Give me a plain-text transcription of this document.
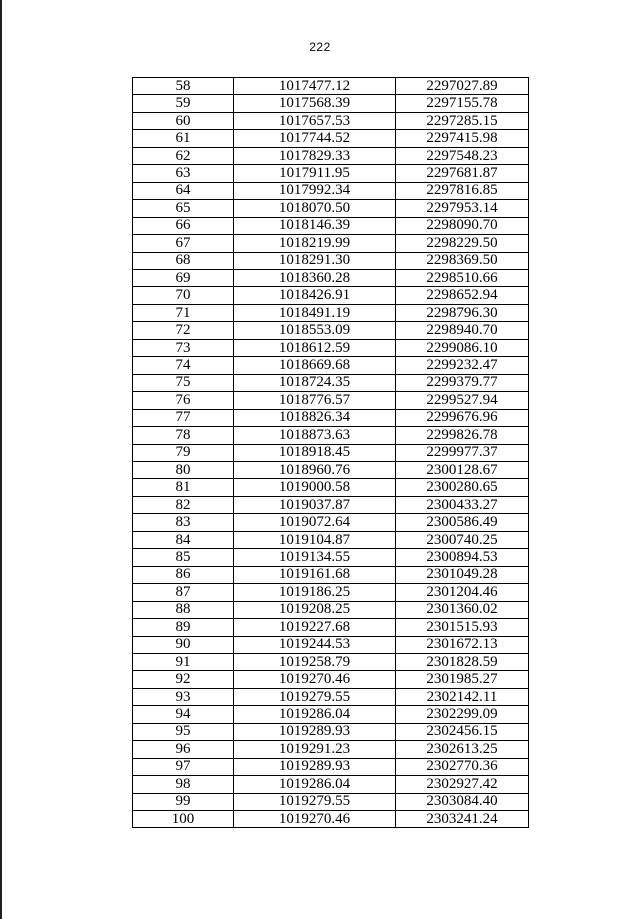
222
58	1017477.12	2297027.89
59	1017568.39	2297155.78
60	1017657.53	2297285.15
61	1017744.52	2297415.98
62	1017829.33	2297548.23
63	1017911.95	2297681.87
64	1017992.34	2297816.85
65	1018070.50	2297953.14
66	1018146.39	2298090.70
67	1018219.99	2298229.50
68	1018291.30	2298369.50
69	1018360.28	2298510.66
70	1018426.91	2298652.94
71	1018491.19	2298796.30
72	1018553.09	2298940.70
73	1018612.59	2299086.10
74	1018669.68	2299232.47
75	1018724.35	2299379.77
76	1018776.57	2299527.94
77	1018826.34	2299676.96
78	1018873.63	2299826.78
79	1018918.45	2299977.37
80	1018960.76	2300128.67
81	1019000.58	2300280.65
82	1019037.87	2300433.27
83	1019072.64	2300586.49
84	1019104.87	2300740.25
85	1019134.55	2300894.53
86	1019161.68	2301049.28
87	1019186.25	2301204.46
88	1019208.25	2301360.02
89	1019227.68	2301515.93
90	1019244.53	2301672.13
91	1019258.79	2301828.59
92	1019270.46	2301985.27
93	1019279.55	2302142.11
94	1019286.04	2302299.09
95	1019289.93	2302456.15
96	1019291.23	2302613.25
97	1019289.93	2302770.36
98	1019286.04	2302927.42
99	1019279.55	2303084.40
100	1019270.46	2303241.24
